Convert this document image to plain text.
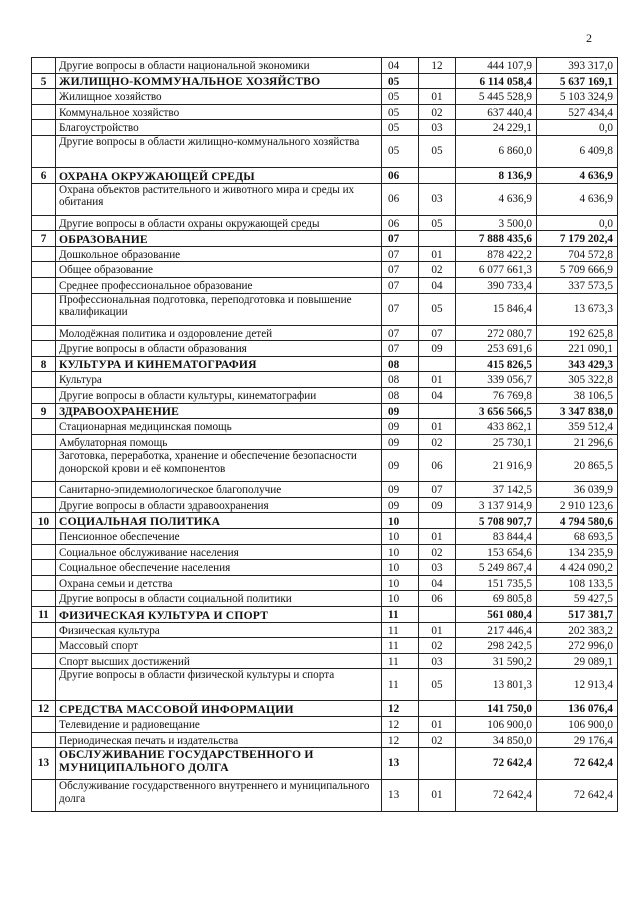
2
	Другие вопросы в области национальной экономики	04	12	444 107,9	393 317,0
5	ЖИЛИЩНО-КОММУНАЛЬНОЕ ХОЗЯЙСТВО	05		6 114 058,4	5 637 169,1
	Жилищное хозяйство	05	01	5 445 528,9	5 103 324,9
	Коммунальное хозяйство	05	02	637 440,4	527 434,4
	Благоустройство	05	03	24 229,1	0,0
	Другие вопросы в области жилищно-коммунального хозяйства	05	05	6 860,0	6 409,8
6	ОХРАНА ОКРУЖАЮЩЕЙ СРЕДЫ	06		8 136,9	4 636,9
	Охрана объектов растительного и животного мира и среды их обитания	06	03	4 636,9	4 636,9
	Другие вопросы в области охраны окружающей среды	06	05	3 500,0	0,0
7	ОБРАЗОВАНИЕ	07		7 888 435,6	7 179 202,4
	Дошкольное образование	07	01	878 422,2	704 572,8
	Общее образование	07	02	6 077 661,3	5 709 666,9
	Среднее профессиональное образование	07	04	390 733,4	337 573,5
	Профессиональная подготовка, переподготовка и повышение квалификации	07	05	15 846,4	13 673,3
	Молодёжная политика и оздоровление детей	07	07	272 080,7	192 625,8
	Другие вопросы в области образования	07	09	253 691,6	221 090,1
8	КУЛЬТУРА И КИНЕМАТОГРАФИЯ	08		415 826,5	343 429,3
	Культура	08	01	339 056,7	305 322,8
	Другие вопросы в области культуры, кинематографии	08	04	76 769,8	38 106,5
9	ЗДРАВООХРАНЕНИЕ	09		3 656 566,5	3 347 838,0
	Стационарная медицинская помощь	09	01	433 862,1	359 512,4
	Амбулаторная помощь	09	02	25 730,1	21 296,6
	Заготовка, переработка, хранение и обеспечение безопасности донорской крови и её компонентов	09	06	21 916,9	20 865,5
	Санитарно-эпидемиологическое благополучие	09	07	37 142,5	36 039,9
	Другие вопросы в области здравоохранения	09	09	3 137 914,9	2 910 123,6
10	СОЦИАЛЬНАЯ ПОЛИТИКА	10		5 708 907,7	4 794 580,6
	Пенсионное обеспечение	10	01	83 844,4	68 693,5
	Социальное обслуживание населения	10	02	153 654,6	134 235,9
	Социальное обеспечение населения	10	03	5 249 867,4	4 424 090,2
	Охрана семьи и детства	10	04	151 735,5	108 133,5
	Другие вопросы в области социальной политики	10	06	69 805,8	59 427,5
11	ФИЗИЧЕСКАЯ КУЛЬТУРА И СПОРТ	11		561 080,4	517 381,7
	Физическая культура	11	01	217 446,4	202 383,2
	Массовый спорт	11	02	298 242,5	272 996,0
	Спорт высших достижений	11	03	31 590,2	29 089,1
	Другие вопросы в области физической культуры и спорта	11	05	13 801,3	12 913,4
12	СРЕДСТВА МАССОВОЙ ИНФОРМАЦИИ	12		141 750,0	136 076,4
	Телевидение и радиовещание	12	01	106 900,0	106 900,0
	Периодическая печать и издательства	12	02	34 850,0	29 176,4
13	ОБСЛУЖИВАНИЕ ГОСУДАРСТВЕННОГО И МУНИЦИПАЛЬНОГО ДОЛГА	13		72 642,4	72 642,4
	Обслуживание государственного внутреннего и муниципального долга	13	01	72 642,4	72 642,4
